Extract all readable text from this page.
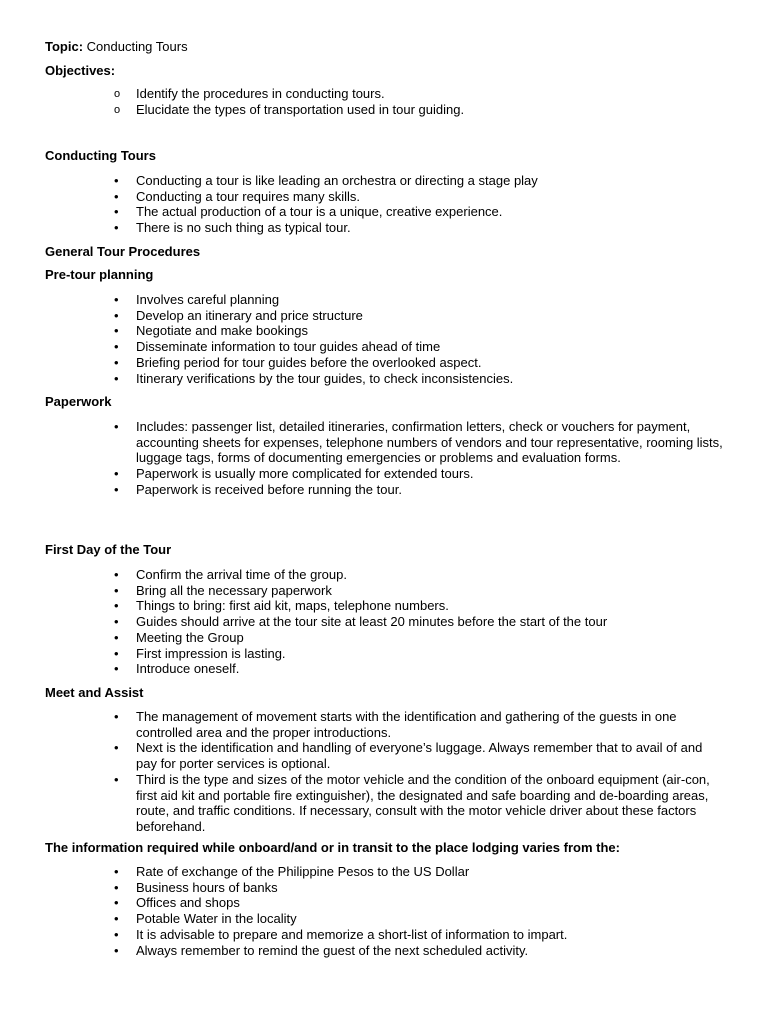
Topic: Conducting Tours
Objectives:
o Identify the procedures in conducting tours.
o Elucidate the types of transportation used in tour guiding.
Conducting Tours
• Conducting a tour is like leading an orchestra or directing a stage play
• Conducting a tour requires many skills.
• The actual production of a tour is a unique, creative experience.
• There is no such thing as typical tour.
General Tour Procedures
Pre-tour planning
• Involves careful planning
• Develop an itinerary and price structure
• Negotiate and make bookings
• Disseminate information to tour guides ahead of time
• Briefing period for tour guides before the overlooked aspect.
• Itinerary verifications by the tour guides, to check inconsistencies.
Paperwork
• Includes: passenger list, detailed itineraries, confirmation letters, check or vouchers for payment, accounting sheets for expenses, telephone numbers of vendors and tour representative, rooming lists, luggage tags, forms of documenting emergencies or problems and evaluation forms.
• Paperwork is usually more complicated for extended tours.
• Paperwork is received before running the tour.
First Day of the Tour
• Confirm the arrival time of the group.
• Bring all the necessary paperwork
• Things to bring: first aid kit, maps, telephone numbers.
• Guides should arrive at the tour site at least 20 minutes before the start of the tour
• Meeting the Group
• First impression is lasting.
• Introduce oneself.
Meet and Assist
• The management of movement starts with the identification and gathering of the guests in one controlled area and the proper introductions.
• Next is the identification and handling of everyone’s luggage. Always remember that to avail of and pay for porter services is optional.
• Third is the type and sizes of the motor vehicle and the condition of the onboard equipment (air-con, first aid kit and portable fire extinguisher), the designated and safe boarding and de-boarding areas, route, and traffic conditions. If necessary, consult with the motor vehicle driver about these factors beforehand.
The information required while onboard/and or in transit to the place lodging varies from the:
• Rate of exchange of the Philippine Pesos to the US Dollar
• Business hours of banks
• Offices and shops
• Potable Water in the locality
• It is advisable to prepare and memorize a short-list of information to impart.
• Always remember to remind the guest of the next scheduled activity.
